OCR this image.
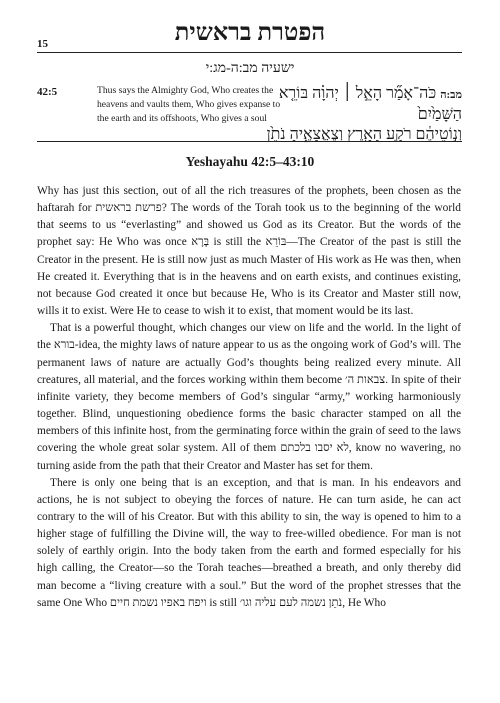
15	הפטרת בראשית
ישעיה מב:ה-מג:י
42:5	Thus says the Almighty God, Who creates the heavens and vaults them, Who gives expanse to the earth and its offshoots, Who gives a soul
מב:ה כֹּה־אָמַ֞ר הָאֵ֣ל ׀ יְהוָ֗ה בּוֹרֵ֤א הַשָּׁמַ֙יִם֙
וְנ֣וֹטֵיהֶ֔ם רֹקַ֥ע הָאָ֖רֶץ וְצֶאֱצָאֶ֑יהָ נֹתֵ֙ן
Yeshayahu 42:5–43:10

Why has just this section, out of all the rich treasures of the prophets, been chosen as the haftarah for פרשת בראשית? The words of the Torah took us to the beginning of the world that seems to us “everlasting” and showed us God as its Creator. But the words of the prophet say: He Who was once בָּרָא is still the בּוֹרֵא—The Creator of the past is still the Creator in the present. He is still now just as much Master of His work as He was then, when He created it. Everything that is in the heavens and on earth exists, and continues existing, not because God created it once but because He, Who is its Creator and Master still now, wills it to exist. Were He to cease to wish it to exist, that moment would be its last.

That is a powerful thought, which changes our view on life and the world. In the light of the בורא-idea, the mighty laws of nature appear to us as the ongoing work of God’s will. The permanent laws of nature are actually God’s thoughts being realized every minute. All creatures, all material, and the forces working within them become צבאות ה׳. In spite of their infinite variety, they become members of God’s singular “army,” working harmoniously together. Blind, unquestioning obedience forms the basic character stamped on all the members of this infinite host, from the germinating force within the grain of seed to the laws covering the whole great solar system. All of them לא יסבו בלכתם, know no wavering, no turning aside from the path that their Creator and Master has set for them.

There is only one being that is an exception, and that is man. In his endeavors and actions, he is not subject to obeying the forces of nature. He can turn aside, he can act contrary to the will of his Creator. But with this ability to sin, the way is opened to him to a higher stage of fulfilling the Divine will, the way to free-willed obedience. For man is not solely of earthly origin. Into the body taken from the earth and formed especially for his high calling, the Creator—so the Torah teaches—breathed a breath, and only thereby did man become a “living creature with a soul.” But the word of the prophet stresses that the same One Who ויפח באפיו נשמת חיים is still נֹתֵן נשמה לעם עליה וגו׳, He Who
